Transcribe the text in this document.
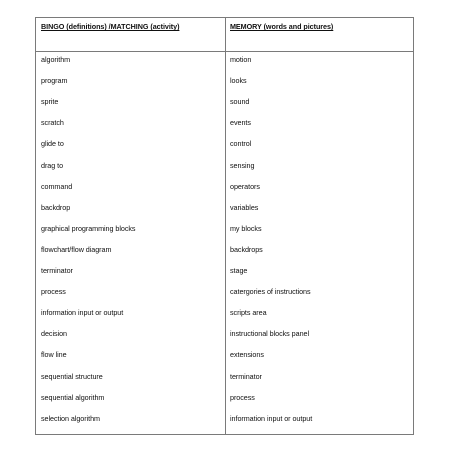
BINGO (definitions) /MATCHING (activity)	MEMORY (words and pictures)
algorithm
program
sprite
scratch
glide to
drag to
command
backdrop
graphical programming blocks
flowchart/flow diagram
terminator
process
information input or output
decision
flow line
sequential structure
sequential algorithm
selection algorithm
motion
looks
sound
events
control
sensing
operators
variables
my blocks
backdrops
stage
catergories of instructions
scripts area
instructional blocks panel
extensions
terminator
process
information input or output
